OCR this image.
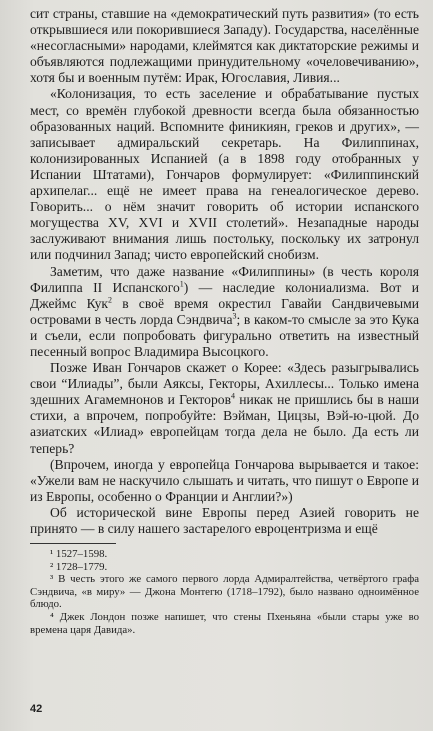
сит страны, ставшие на «демократический путь развития» (то есть открывшиеся или покорившиеся Западу). Государства, населённые «несогласными» народами, клеймятся как диктаторские режимы и объявляются подлежащими принудительному «очеловечиванию», хотя бы и военным путём: Ирак, Югославия, Ливия...

«Колонизация, то есть заселение и обрабатывание пустых мест, со времён глубокой древности всегда была обязанностью образованных наций. Вспомните финикиян, греков и других», — записывает адмиральский секретарь. На Филиппинах, колонизированных Испанией (а в 1898 году отобранных у Испании Штатами), Гончаров формулирует: «Филиппинский архипелаг... ещё не имеет права на генеалогическое дерево. Говорить... о нём значит говорить об истории испанского могущества XV, XVI и XVII столетий». Незападные народы заслуживают внимания лишь постольку, поскольку их затронул или подчинил Запад; чисто европейский снобизм.

Заметим, что даже название «Филиппины» (в честь короля Филиппа II Испанского$^1$) — наследие колониализма. Вот и Джеймс Кук$^2$ в своё время окрестил Гавайи Сандвичевыми островами в честь лорда Сэндвича$^3$; в каком-то смысле за это Кука и съели, если попробовать фигурально ответить на известный песенный вопрос Владимира Высоцкого.

Позже Иван Гончаров скажет о Корее: «Здесь разыгрывались свои “Илиады”, были Аяксы, Гекторы, Ахиллесы... Только имена здешних Агамемнонов и Гекторов$^4$ никак не пришлись бы в наши стихи, а впрочем, попробуйте: Вэйман, Цицзы, Вэй-ю-цюй. До азиатских «Илиад» европейцам тогда дела не было. Да есть ли теперь?

(Впрочем, иногда у европейца Гончарова вырывается и такое: «Ужели вам не наскучило слышать и читать, что пишут о Европе и из Европы, особенно о Франции и Англии?»)

Об исторической вине Европы перед Азией говорить не принято — в силу нашего застарелого евроцентризма и ещё

¹ 1527–1598.

² 1728–1779.

³ В честь этого же самого первого лорда Адмиралтейства, четвёртого графа Сэндвича, «в миру» — Джона Монтегю (1718–1792), было названо одноимённое блюдо.

⁴ Джек Лондон позже напишет, что стены Пхеньяна «были стары уже во времена царя Давида».

42
